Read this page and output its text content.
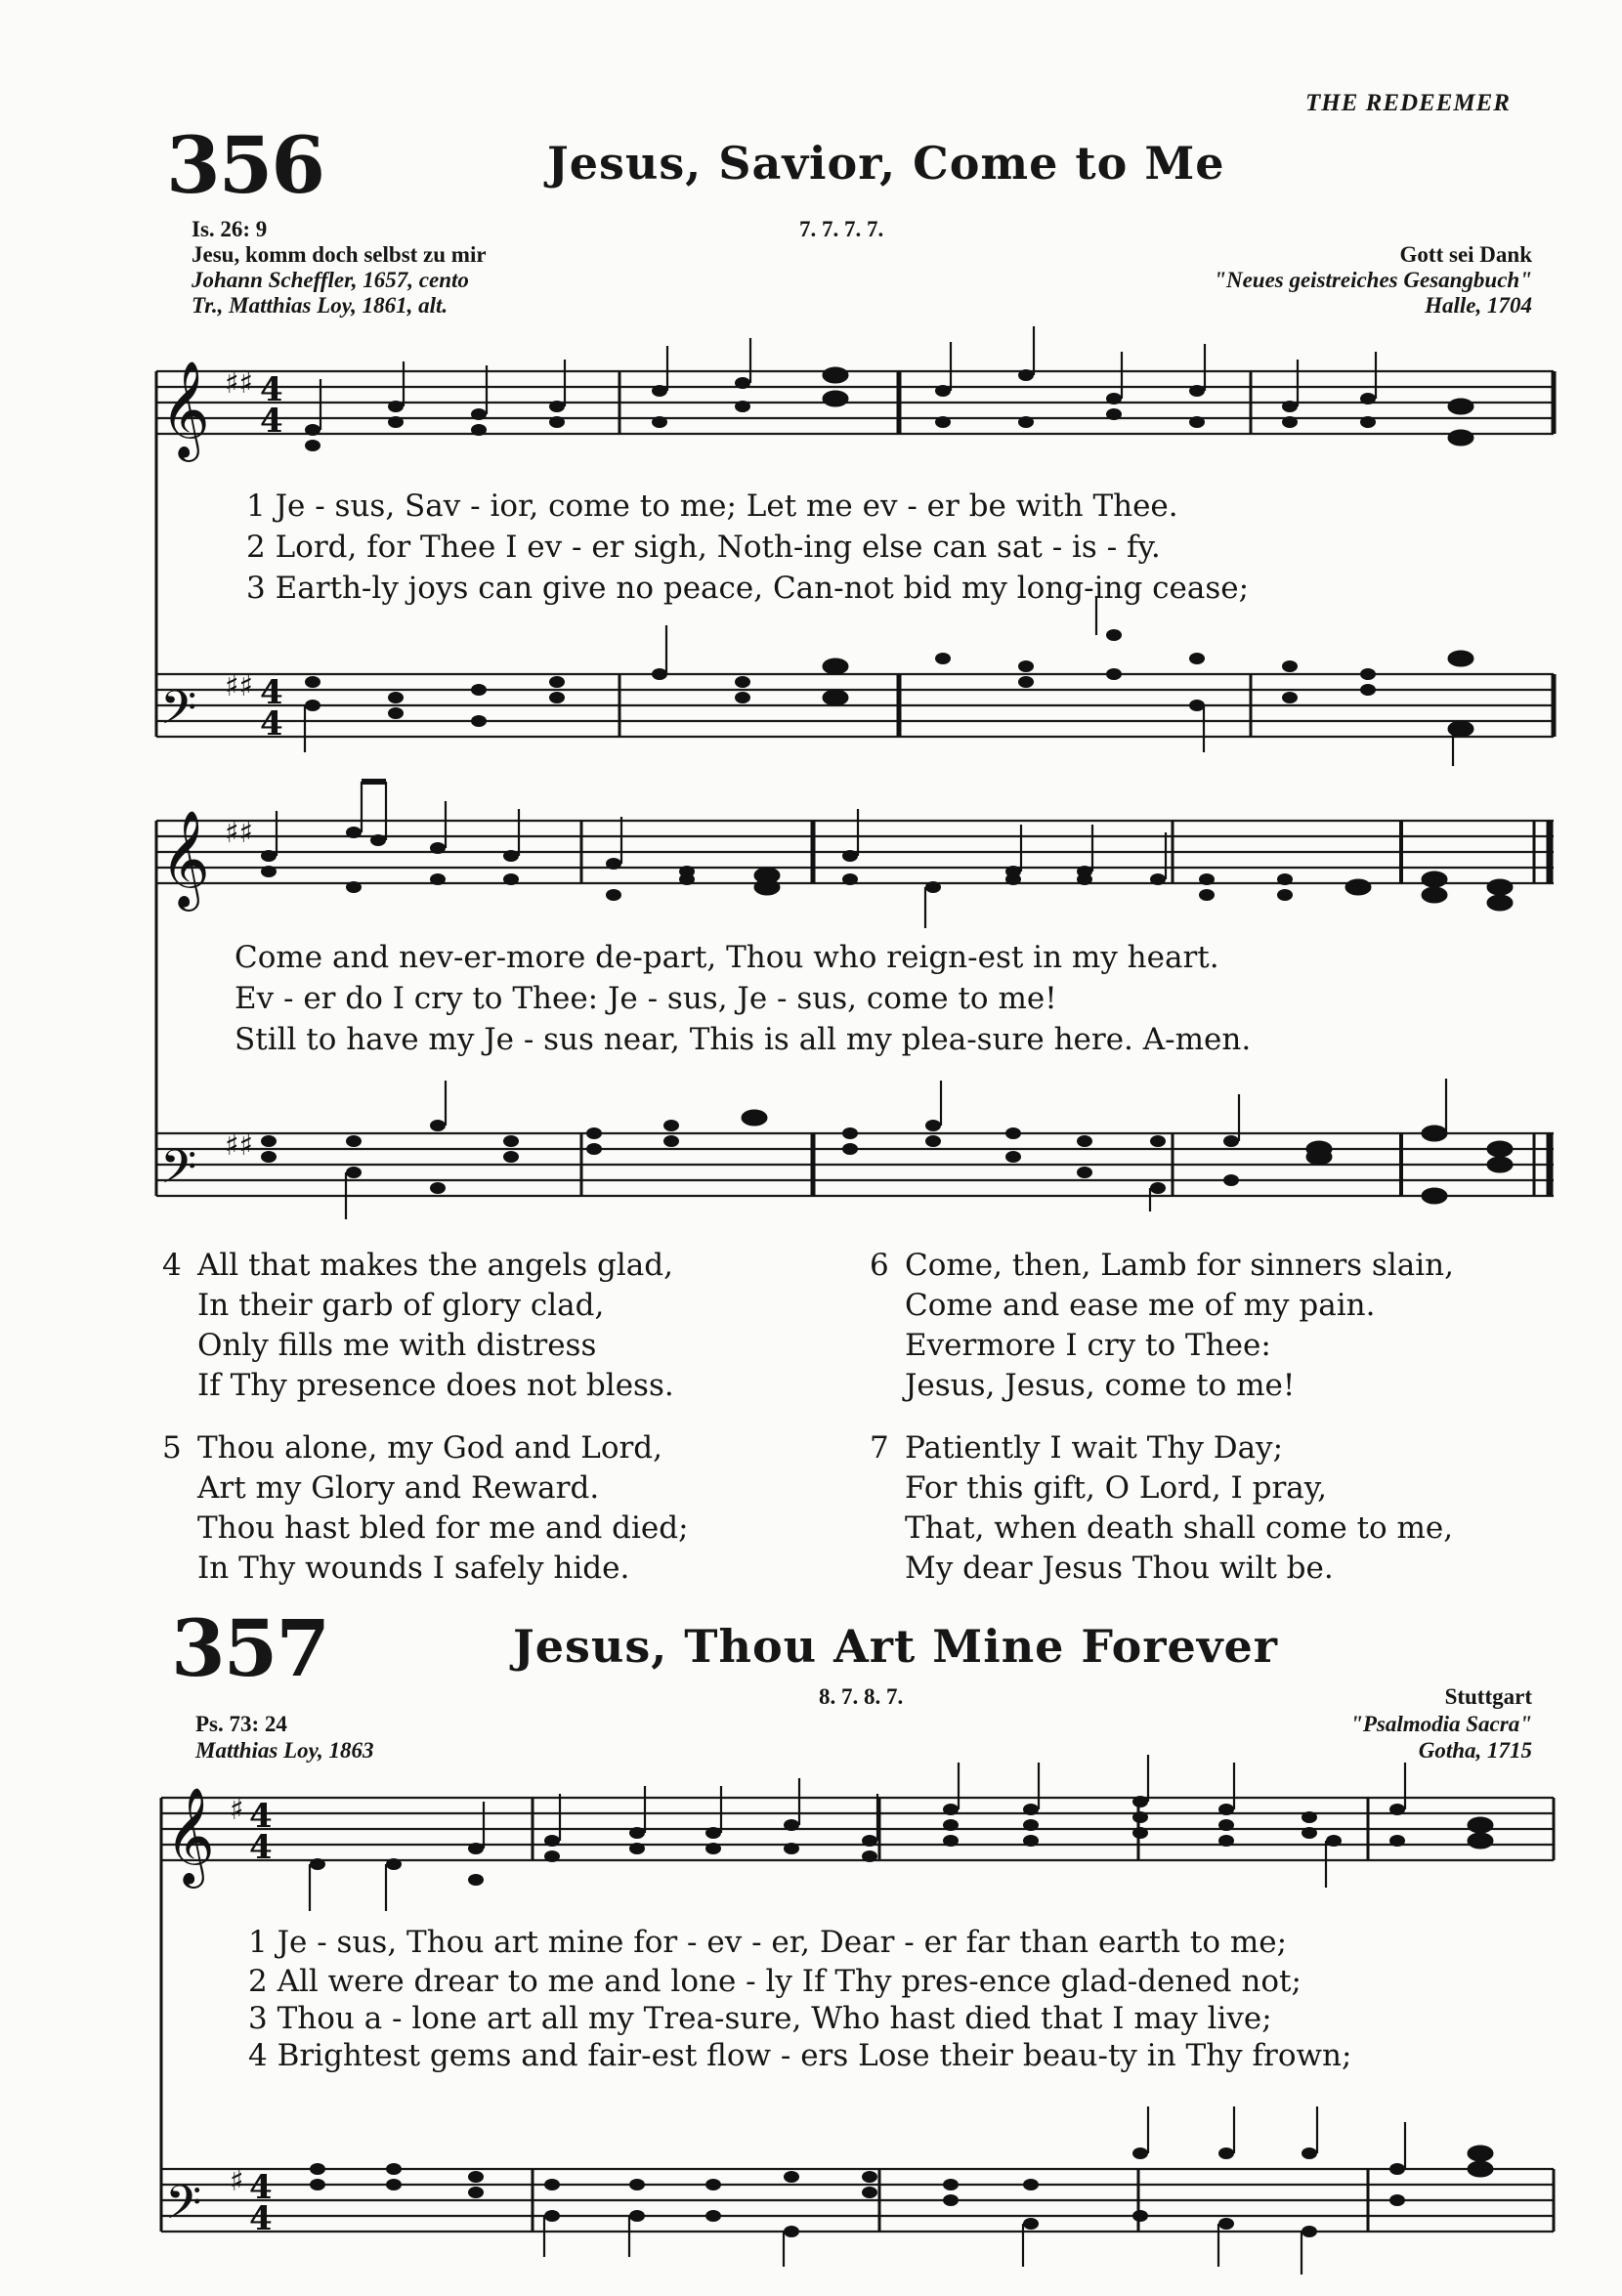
THE REDEEMER
356	Jesus, Savior, Come to Me
Is. 26: 9
Jesu, komm doch selbst zu mir
Johann Scheffler, 1657, cento
Tr., Matthias Loy, 1861, alt.
7. 7. 7. 7.
Gott sei Dank
"Neues geistreiches Gesangbuch"
Halle, 1704
𝄞 ♯♯ 4
4
𝄢 ♯♯ 4
4
1 Je - sus, Sav - ior, come to me; Let me ev - er be with Thee.
2 Lord, for Thee I ev - er sigh, Noth-ing else can sat - is - fy.
3 Earth-ly joys can give no peace, Can-not bid my long-ing cease;
𝄞 ♯♯
𝄢 ♯♯
Come and nev-er-more de-part, Thou who reign-est in my heart.
Ev - er do I cry to Thee: Je - sus, Je - sus, come to me!
Still to have my Je - sus near, This is all my plea-sure here. A-men.
4 All that makes the angels glad,
In their garb of glory clad,
Only fills me with distress
If Thy presence does not bless.
5 Thou alone, my God and Lord,
Art my Glory and Reward.
Thou hast bled for me and died;
In Thy wounds I safely hide.
6 Come, then, Lamb for sinners slain,
Come and ease me of my pain.
Evermore I cry to Thee:
Jesus, Jesus, come to me!
7 Patiently I wait Thy Day;
For this gift, O Lord, I pray,
That, when death shall come to me,
My dear Jesus Thou wilt be.
357	Jesus, Thou Art Mine Forever
8. 7. 8. 7.
Ps. 73: 24
Matthias Loy, 1863
Stuttgart
"Psalmodia Sacra"
Gotha, 1715
𝄞 ♯ 4
4
𝄢 ♯ 4
4
1 Je - sus, Thou art mine for - ev - er, Dear - er far than earth to me;
2 All were drear to me and lone - ly If Thy pres-ence glad-dened not;
3 Thou a - lone art all my Trea-sure, Who hast died that I may live;
4 Brightest gems and fair-est flow - ers Lose their beau-ty in Thy frown;
